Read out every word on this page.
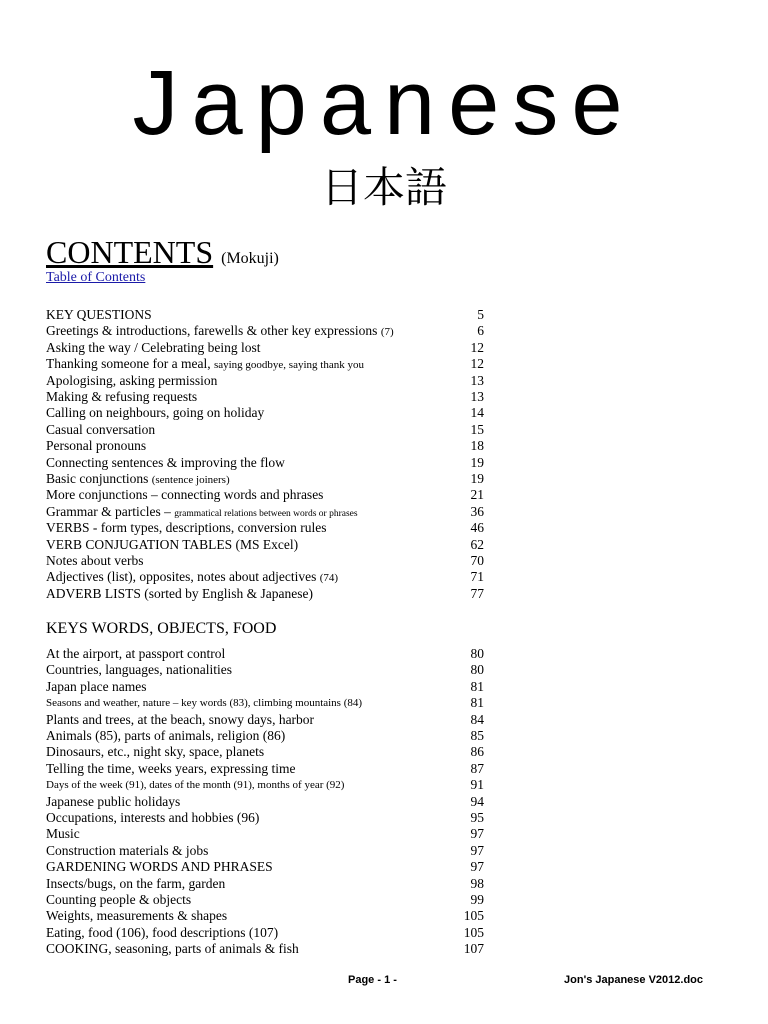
Japanese
日本語
CONTENTS (Mokuji)
Table of Contents
KEY QUESTIONS	5
Greetings & introductions, farewells & other key expressions (7)	6
Asking the way / Celebrating being lost	12
Thanking someone for a meal, saying goodbye, saying thank you	12
Apologising, asking permission	13
Making & refusing requests	13
Calling on neighbours, going on holiday	14
Casual conversation	15
Personal pronouns	18
Connecting sentences & improving the flow	19
Basic conjunctions (sentence joiners)	19
More conjunctions – connecting words and phrases	21
Grammar & particles – grammatical relations between words or phrases	36
VERBS - form types, descriptions, conversion rules	46
VERB CONJUGATION TABLES (MS Excel)	62
Notes about verbs	70
Adjectives (list), opposites, notes about adjectives (74)	71
ADVERB LISTS (sorted by English & Japanese)	77
KEYS WORDS, OBJECTS, FOOD
At the airport, at passport control	80
Countries, languages, nationalities	80
Japan place names	81
Seasons and weather, nature – key words (83), climbing mountains (84)	81
Plants and trees, at the beach, snowy days, harbor	84
Animals (85), parts of animals, religion (86)	85
Dinosaurs, etc., night sky, space, planets	86
Telling the time, weeks years, expressing time	87
Days of the week (91), dates of the month (91), months of year (92)	91
Japanese public holidays	94
Occupations, interests and hobbies (96)	95
Music	97
Construction materials & jobs	97
GARDENING WORDS AND PHRASES	97
Insects/bugs, on the farm, garden	98
Counting people & objects	99
Weights, measurements & shapes	105
Eating, food (106), food descriptions (107)	105
COOKING, seasoning, parts of animals & fish	107
Page - 1 -	Jon's Japanese V2012.doc
